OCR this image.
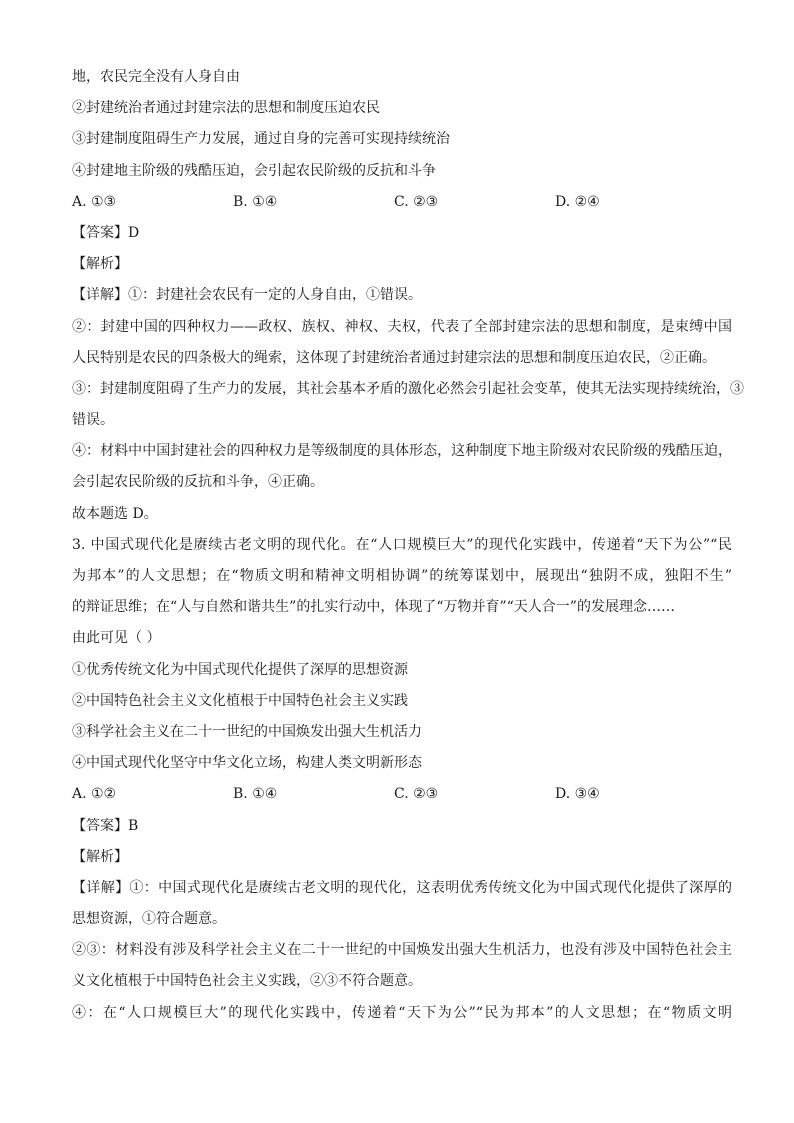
地，农民完全没有人身自由
②封建统治者通过封建宗法的思想和制度压迫农民
③封建制度阻碍生产力发展，通过自身的完善可实现持续统治
④封建地主阶级的残酷压迫，会引起农民阶级的反抗和斗争
A. ①③	B. ①④	C. ②③	D. ②④
【答案】D
【解析】
【详解】①：封建社会农民有一定的人身自由，①错误。
②：封建中国的四种权力——政权、族权、神权、夫权，代表了全部封建宗法的思想和制度，是束缚中国
人民特别是农民的四条极大的绳索，这体现了封建统治者通过封建宗法的思想和制度压迫农民，②正确。
③：封建制度阻碍了生产力的发展，其社会基本矛盾的激化必然会引起社会变革，使其无法实现持续统治，③
错误。
④：材料中中国封建社会的四种权力是等级制度的具体形态，这种制度下地主阶级对农民阶级的残酷压迫，
会引起农民阶级的反抗和斗争，④正确。
故本题选 D。
3. 中国式现代化是赓续古老文明的现代化。在“人口规模巨大”的现代化实践中，传递着“天下为公”“民
为邦本”的人文思想；在“物质文明和精神文明相协调”的统筹谋划中，展现出“独阴不成，独阳不生”
的辩证思维；在“人与自然和谐共生”的扎实行动中，体现了“万物并育”“天人合一”的发展理念……
由此可见（ ）
①优秀传统文化为中国式现代化提供了深厚的思想资源
②中国特色社会主义文化植根于中国特色社会主义实践
③科学社会主义在二十一世纪的中国焕发出强大生机活力
④中国式现代化坚守中华文化立场，构建人类文明新形态
A. ①②	B. ①④	C. ②③	D. ③④
【答案】B
【解析】
【详解】①：中国式现代化是赓续古老文明的现代化，这表明优秀传统文化为中国式现代化提供了深厚的
思想资源，①符合题意。
②③：材料没有涉及科学社会主义在二十一世纪的中国焕发出强大生机活力，也没有涉及中国特色社会主
义文化植根于中国特色社会主义实践，②③不符合题意。
④：在“人口规模巨大”的现代化实践中，传递着“天下为公”“民为邦本”的人文思想；在“物质文明
